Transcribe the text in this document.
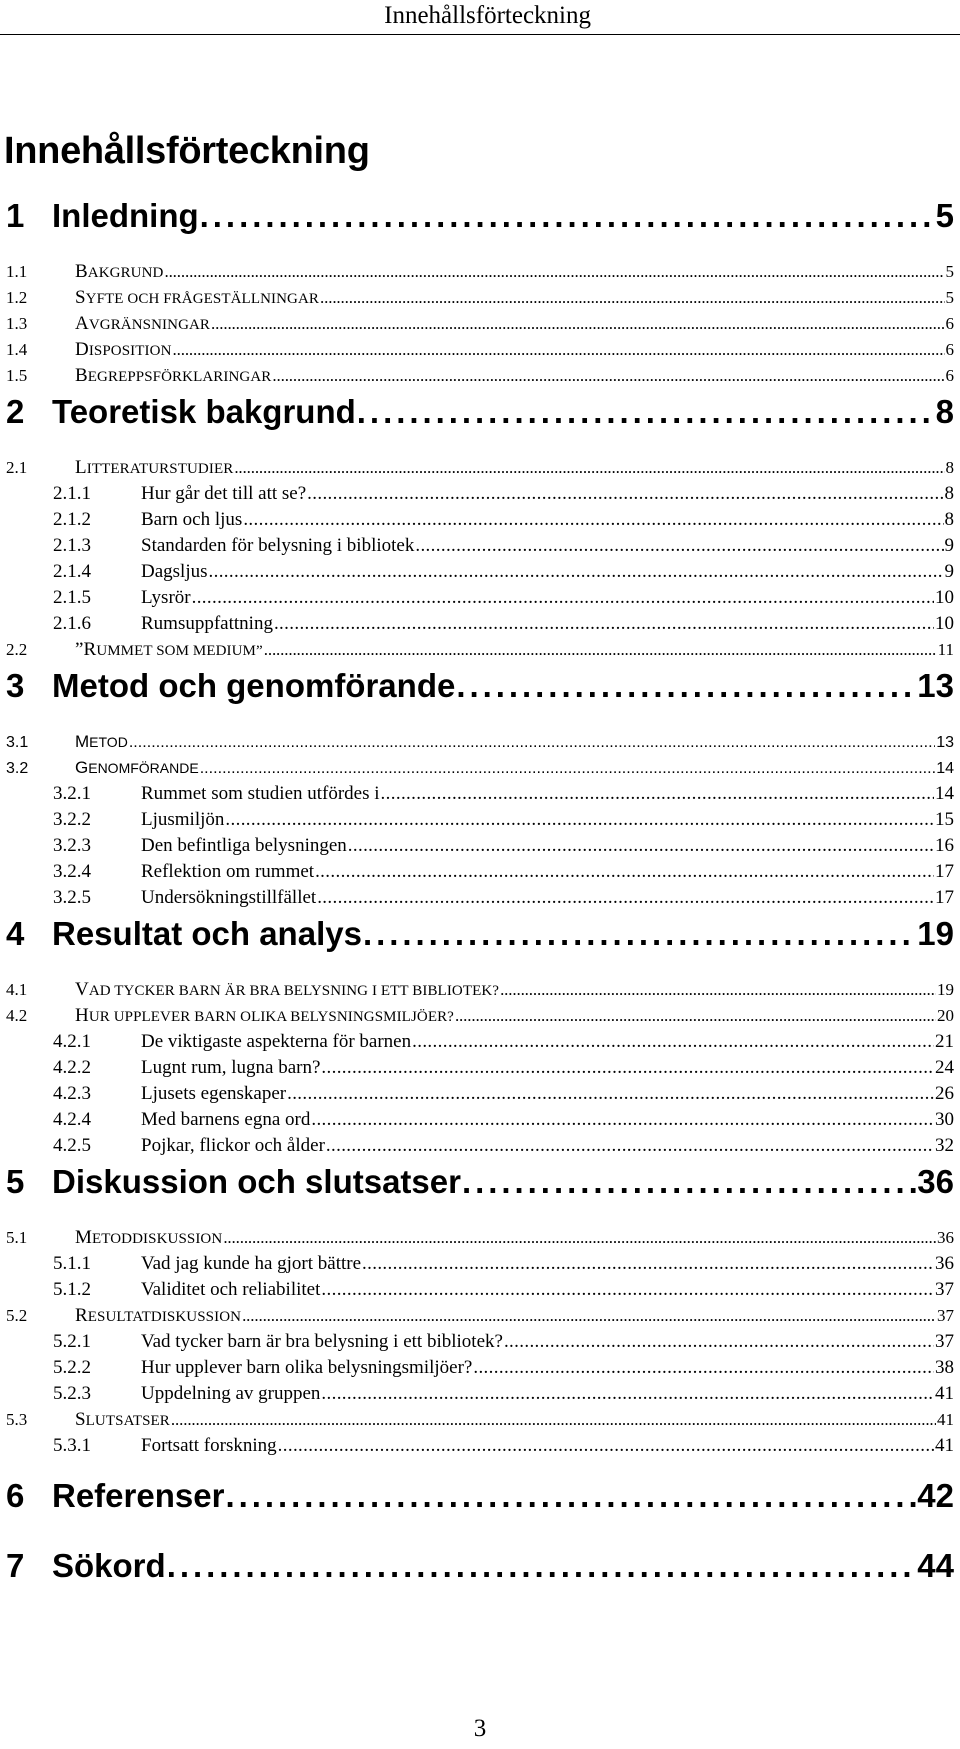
Innehållsförteckning
Innehållsförteckning
1 Inledning . . .	5
1.1	BAKGRUND . . .	5
1.2	SYFTE OCH FRÅGESTÄLLNINGAR . . .	5
1.3	AVGRÄNSNINGAR . . .	6
1.4	DISPOSITION . . .	6
1.5	BEGREPPSFÖRKLARINGAR . . .	6
2 Teoretisk bakgrund . . .	8
2.1	LITTERATURSTUDIER . . .	8
2.1.1	Hur går det till att se? . . .	8
2.1.2	Barn och ljus . . .	8
2.1.3	Standarden för belysning i bibliotek . . .	9
2.1.4	Dagsljus . . .	9
2.1.5	Lysrör . . .	10
2.1.6	Rumsuppfattning . . .	10
2.2	”RUMMET SOM MEDIUM” . . .	11
3 Metod och genomförande . . .	13
3.1	METOD . . .	13
3.2	GENOMFÖRANDE . . .	14
3.2.1	Rummet som studien utfördes i . . .	14
3.2.2	Ljusmiljön . . .	15
3.2.3	Den befintliga belysningen . . .	16
3.2.4	Reflektion om rummet . . .	17
3.2.5	Undersökningstillfället . . .	17
4 Resultat och analys . . .	19
4.1	VAD TYCKER BARN ÄR BRA BELYSNING I ETT BIBLIOTEK? . . .	19
4.2	HUR UPPLEVER BARN OLIKA BELYSNINGSMILJÖER? . . .	20
4.2.1	De viktigaste aspekterna för barnen . . .	21
4.2.2	Lugnt rum, lugna barn? . . .	24
4.2.3	Ljusets egenskaper . . .	26
4.2.4	Med barnens egna ord . . .	30
4.2.5	Pojkar, flickor och ålder . . .	32
5 Diskussion och slutsatser . . .	36
5.1	METODDISKUSSION . . .	36
5.1.1	Vad jag kunde ha gjort bättre . . .	36
5.1.2	Validitet och reliabilitet . . .	37
5.2	RESULTATDISKUSSION . . .	37
5.2.1	Vad tycker barn är bra belysning i ett bibliotek? . . .	37
5.2.2	Hur upplever barn olika belysningsmiljöer? . . .	38
5.2.3	Uppdelning av gruppen . . .	41
5.3	SLUTSATSER . . .	41
5.3.1	Fortsatt forskning . . .	41
6 Referenser . . .	42
7 Sökord . . .	44
3
